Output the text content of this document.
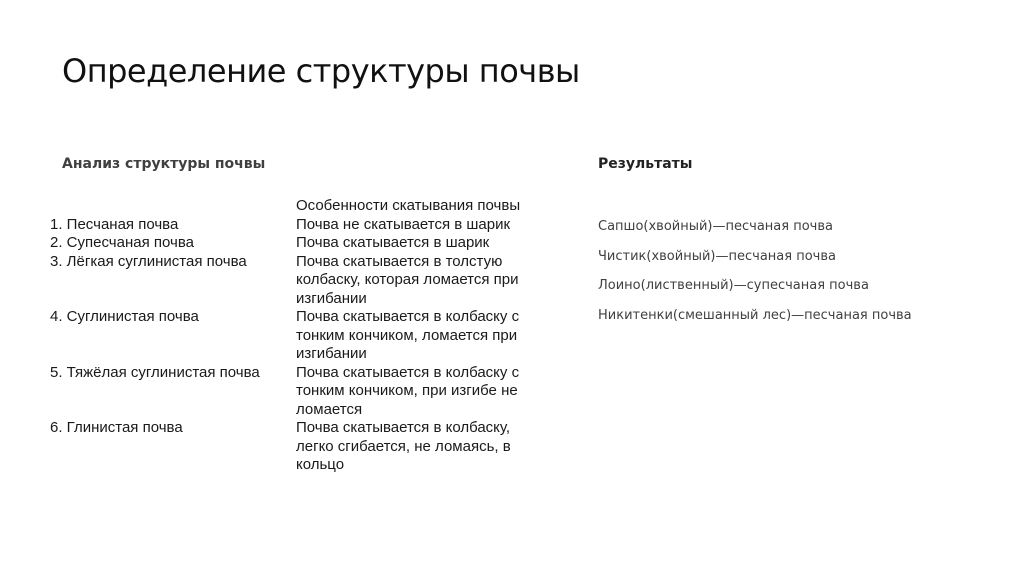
Определение структуры почвы
Анализ структуры почвы
	Особенности скатывания почвы
1. Песчаная почва	Почва не скатывается в шарик
2. Супесчаная почва	Почва скатывается в шарик
3. Лёгкая суглинистая почва	Почва скатывается в толстую колбаску, которая ломается при изгибании
4. Суглинистая почва	Почва скатывается в колбаску с тонким кончиком, ломается при изгибании
5. Тяжёлая суглинистая почва	Почва скатывается в колбаску с тонким кончиком, при изгибе не ломается
6. Глинистая почва	Почва скатывается в колбаску, легко сгибается, не ломаясь, в кольцо
Результаты
Сапшо(хвойный)—песчаная почва
Чистик(хвойный)—песчаная почва
Лоино(лиственный)—супесчаная почва
Никитенки(смешанный лес)—песчаная почва
